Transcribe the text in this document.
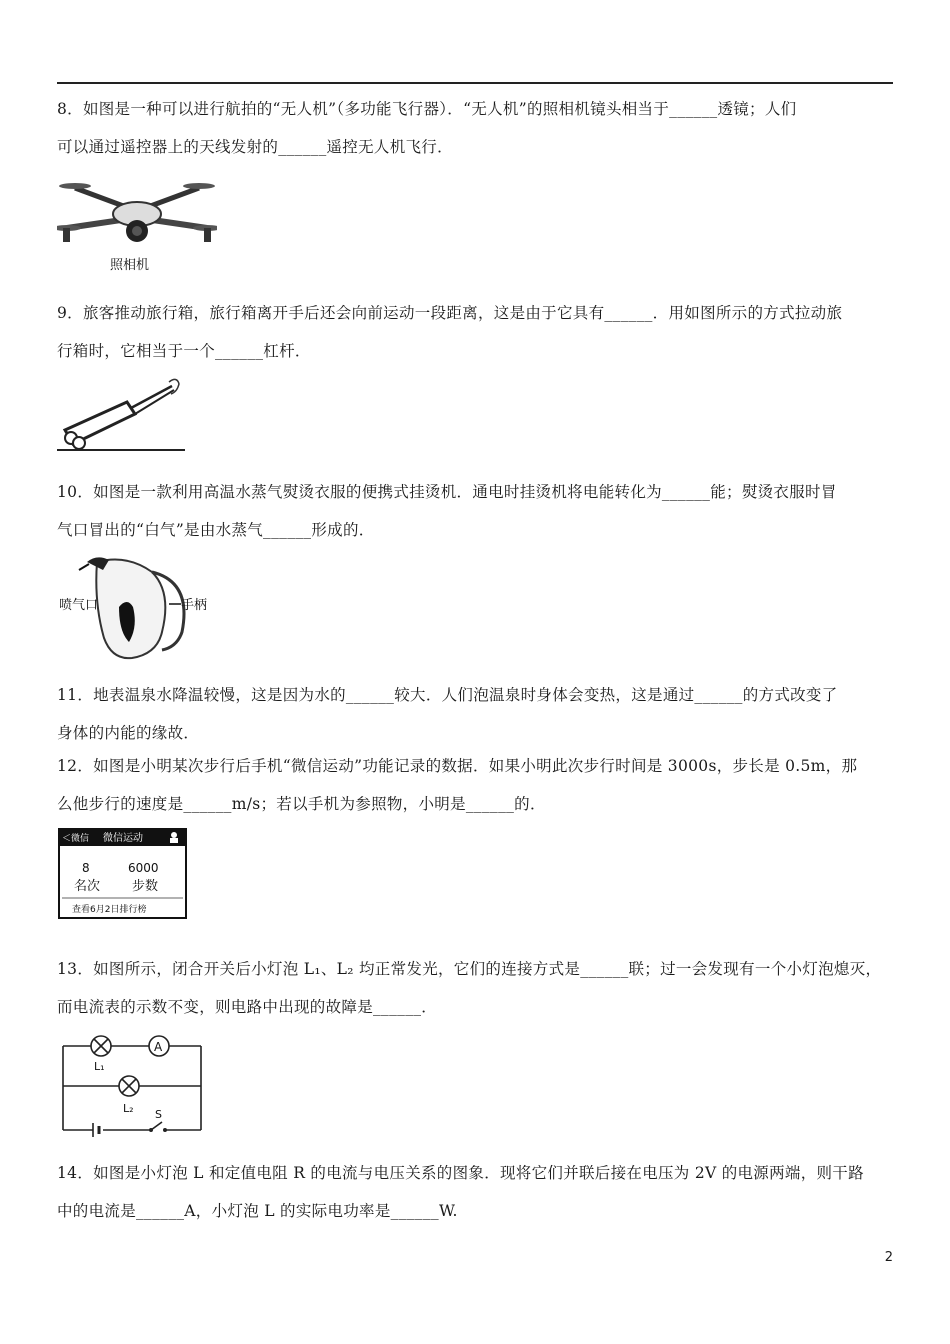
8．如图是一种可以进行航拍的“无人机”（多功能飞行器）．“无人机”的照相机镜头相当于______透镜；人们
可以通过遥控器上的天线发射的______遥控无人机飞行．
照相机
9．旅客推动旅行箱，旅行箱离开手后还会向前运动一段距离，这是由于它具有______．用如图所示的方式拉动旅
行箱时，它相当于一个______杠杆．
10．如图是一款利用高温水蒸气熨烫衣服的便携式挂烫机．通电时挂烫机将电能转化为______能；熨烫衣服时冒
气口冒出的“白气”是由水蒸气______形成的．
喷气口	手柄
11．地表温泉水降温较慢，这是因为水的______较大．人们泡温泉时身体会变热，这是通过______的方式改变了
身体的内能的缘故．
12．如图是小明某次步行后手机“微信运动”功能记录的数据．如果小明此次步行时间是 3000s，步长是 0.5m，那
么他步行的速度是______m/s；若以手机为参照物，小明是______的．
＜微信 微信运动
8	6000
名次 步数
查看6月2日排行榜
13．如图所示，闭合开关后小灯泡 L₁、L₂ 均正常发光，它们的连接方式是______联；过一会发现有一个小灯泡熄灭，
而电流表的示数不变，则电路中出现的故障是______．
A
L₁
L₂ S
14．如图是小灯泡 L 和定值电阻 R 的电流与电压关系的图象．现将它们并联后接在电压为 2V 的电源两端，则干路
中的电流是______A，小灯泡 L 的实际电功率是______W.
2
